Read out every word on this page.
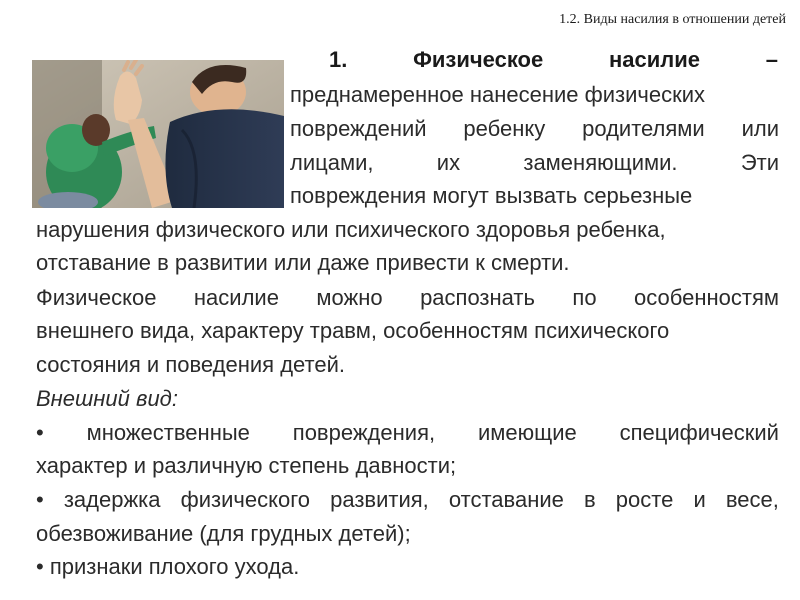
1.2. Виды насилия в отношении детей
1.	Физическое	насилие	–
преднамеренное нанесение физических
повреждений ребенку родителями или
лицами,	их	заменяющими.	Эти
повреждения могут вызвать серьезные
нарушения физического или психического здоровья ребенка,
отставание в развитии или даже привести к смерти.
Физическое насилие можно распознать по особенностям
внешнего вида, характеру травм, особенностям психического
состояния и поведения детей.
Внешний вид:
• множественные повреждения, имеющие специфический
характер и различную степень давности;
• задержка физического развития, отставание в росте и весе,
обезвоживание (для грудных детей);
• признаки плохого ухода.
